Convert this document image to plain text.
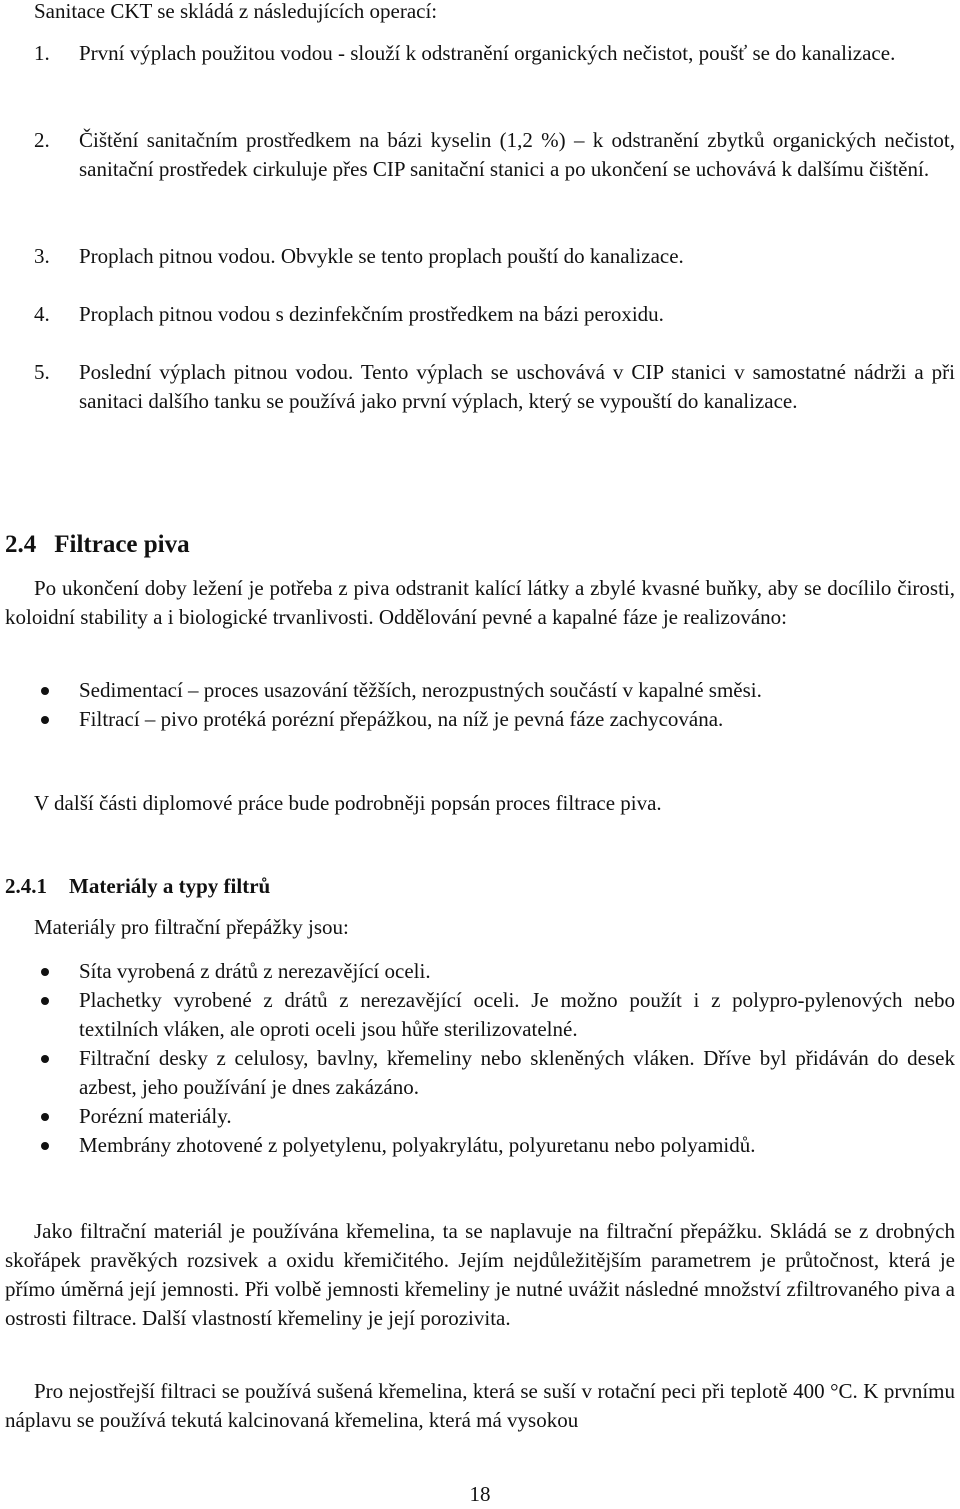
Sanitace CKT se skládá z následujících operací:

1. První výplach použitou vodou - slouží k odstranění organických nečistot, poušť se do kanalizace.
2. Čištění sanitačním prostředkem na bázi kyselin (1,2 %) – k odstranění zbytků organických nečistot, sanitační prostředek cirkuluje přes CIP sanitační stanici a po ukončení se uchovává k dalšímu čištění.
3. Proplach pitnou vodou. Obvykle se tento proplach pouští do kanalizace.
4. Proplach pitnou vodou s dezinfekčním prostředkem na bázi peroxidu.
5. Poslední výplach pitnou vodou. Tento výplach se uschovává v CIP stanici v samostatné nádrži a při sanitaci dalšího tanku se používá jako první výplach, který se vypouští do kanalizace.
2.4 Filtrace piva

Po ukončení doby ležení je potřeba z piva odstranit kalící látky a zbylé kvasné buňky, aby se docílilo čirosti, koloidní stability a i biologické trvanlivosti. Oddělování pevné a kapalné fáze je realizováno:

Sedimentací – proces usazování těžších, nerozpustných součástí v kapalné směsi.
Filtrací – pivo protéká porézní přepážkou, na níž je pevná fáze zachycována.

V další části diplomové práce bude podrobněji popsán proces filtrace piva.

2.4.1 Materiály a typy filtrů

Materiály pro filtrační přepážky jsou:

Síta vyrobená z drátů z nerezavějící oceli.
Plachetky vyrobené z drátů z nerezavějící oceli. Je možno použít i z polypro-pylenových nebo textilních vláken, ale oproti oceli jsou hůře sterilizovatelné.
Filtrační desky z celulosy, bavlny, křemeliny nebo skleněných vláken. Dříve byl přidáván do desek azbest, jeho používání je dnes zakázáno.
Porézní materiály.
Membrány zhotovené z polyetylenu, polyakrylátu, polyuretanu nebo polyamidů.

Jako filtrační materiál je používána křemelina, ta se naplavuje na filtrační přepážku. Skládá se z drobných skořápek pravěkých rozsivek a oxidu křemičitého. Jejím nejdůležitějším parametrem je průtočnost, která je přímo úměrná její jemnosti. Při volbě jemnosti křemeliny je nutné uvážit následné množství zfiltrovaného piva a ostrosti filtrace. Další vlastností křemeliny je její porozivita.

Pro nejostřejší filtraci se používá sušená křemelina, která se suší v rotační peci při teplotě 400 °C. K prvnímu náplavu se používá tekutá kalcinovaná křemelina, která má vysokou

18
